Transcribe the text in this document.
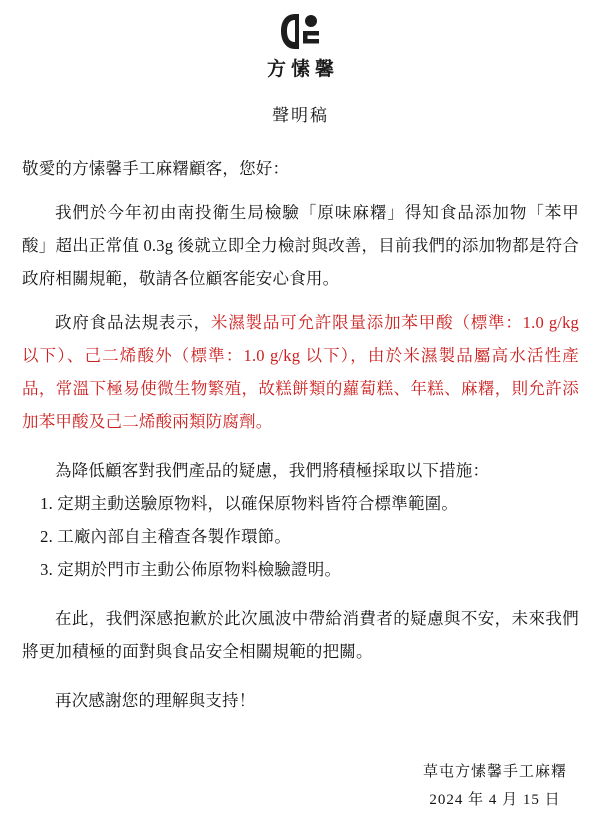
方愫馨
聲明稿

敬愛的方愫馨手工麻糬顧客，您好：

我們於今年初由南投衛生局檢驗「原味麻糬」得知食品添加物「苯甲酸」超出正常值 0.3g 後就立即全力檢討與改善，目前我們的添加物都是符合政府相關規範，敬請各位顧客能安心食用。

政府食品法規表示，米濕製品可允許限量添加苯甲酸（標準：1.0 g/kg 以下）、己二烯酸外（標準：1.0 g/kg 以下），由於米濕製品屬高水活性產品，常溫下極易使微生物繁殖，故糕餅類的蘿蔔糕、年糕、麻糬，則允許添加苯甲酸及己二烯酸兩類防腐劑。

為降低顧客對我們產品的疑慮，我們將積極採取以下措施：

1. 定期主動送驗原物料，以確保原物料皆符合標準範圍。
2. 工廠內部自主稽查各製作環節。
3. 定期於門市主動公佈原物料檢驗證明。

在此，我們深感抱歉於此次風波中帶給消費者的疑慮與不安，未來我們將更加積極的面對與食品安全相關規範的把關。

再次感謝您的理解與支持！

草屯方愫馨手工麻糬
2024 年 4 月 15 日
